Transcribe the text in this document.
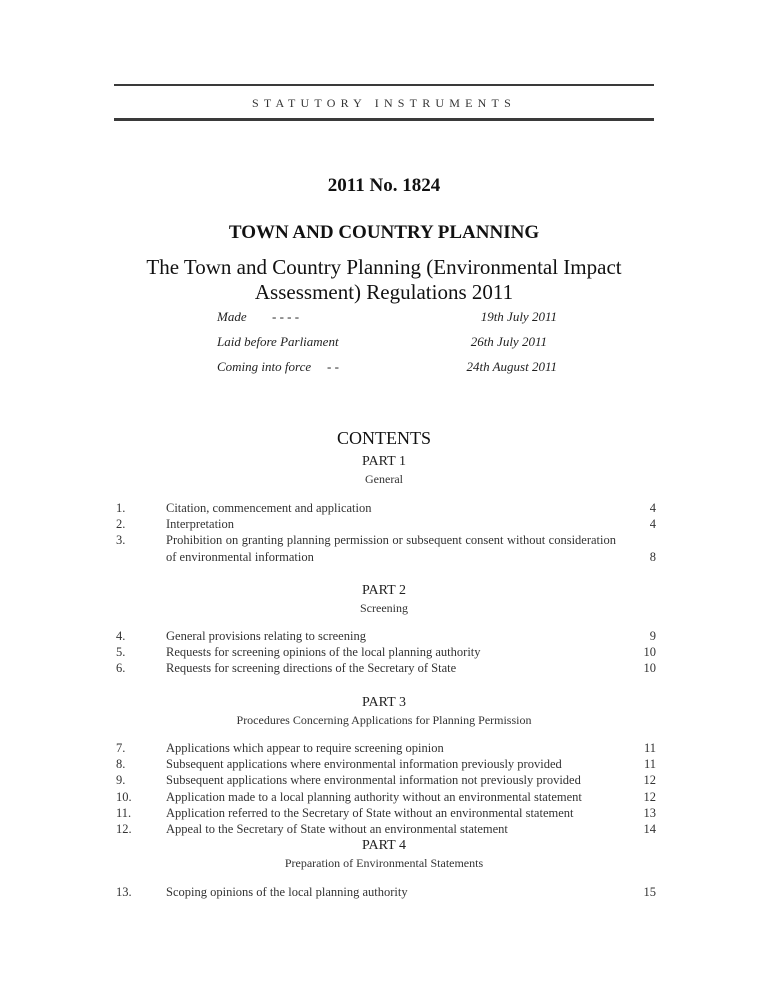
STATUTORY INSTRUMENTS
2011 No. 1824
TOWN AND COUNTRY PLANNING
The Town and Country Planning (Environmental Impact
Assessment) Regulations 2011
Made - - - -	19th July 2011
Laid before Parliament	26th July 2011
Coming into force - -	24th August 2011
CONTENTS
PART 1
General
1.	Citation, commencement and application	4
2.	Interpretation	4
3.	Prohibition on granting planning permission or subsequent consent without consideration of environmental information	8
PART 2
Screening
4.	General provisions relating to screening	9
5.	Requests for screening opinions of the local planning authority	10
6.	Requests for screening directions of the Secretary of State	10
PART 3
Procedures Concerning Applications for Planning Permission
7.	Applications which appear to require screening opinion	11
8.	Subsequent applications where environmental information previously provided	11
9.	Subsequent applications where environmental information not previously provided	12
10.	Application made to a local planning authority without an environmental statement	12
11.	Application referred to the Secretary of State without an environmental statement	13
12.	Appeal to the Secretary of State without an environmental statement	14
PART 4
Preparation of Environmental Statements
13.	Scoping opinions of the local planning authority	15
